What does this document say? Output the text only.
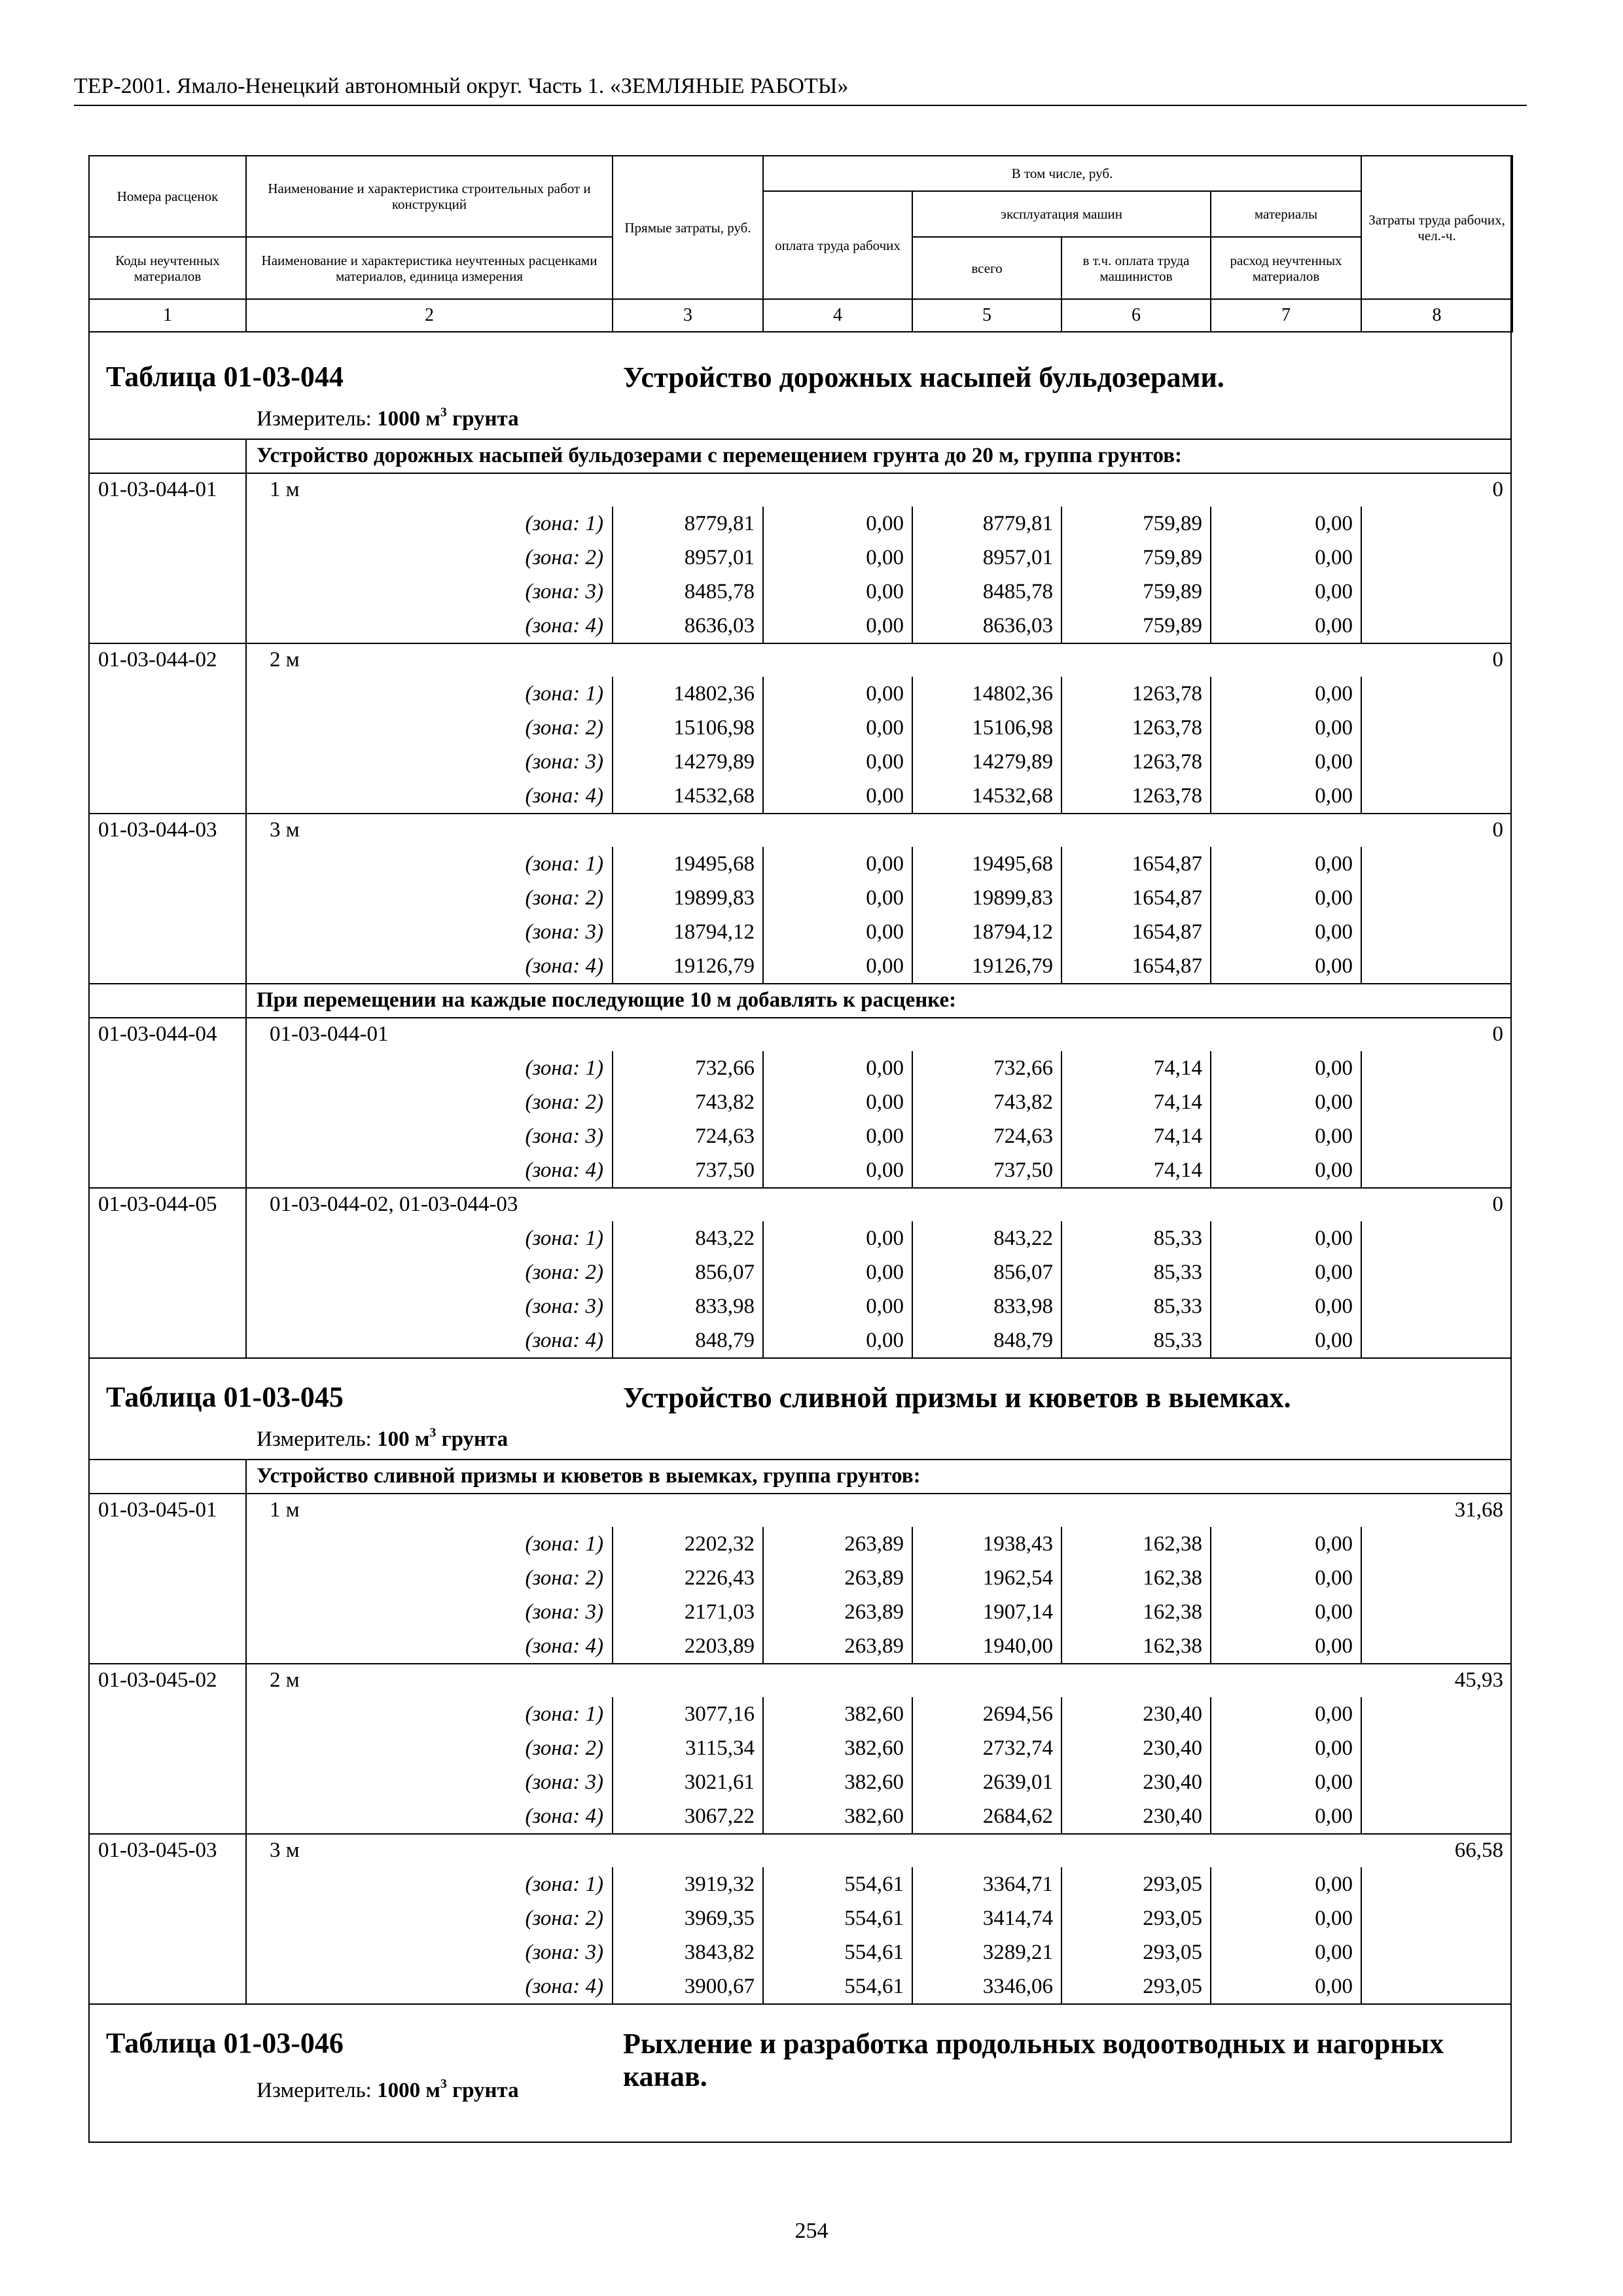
ТЕР-2001. Ямало-Ненецкий автономный округ. Часть 1. «ЗЕМЛЯНЫЕ РАБОТЫ»
Номера расценок	Наименование и характеристика строительных работ и конструкций	Прямые затраты, руб.	В том числе, руб.				Затраты труда рабочих, чел.-ч.
			оплата труда рабочих	эксплуатация машин		материалы	
Коды неучтенных материалов	Наименование и характеристика неучтенных расценками материалов, единица измерения			всего	в т.ч. оплата труда машинистов	расход неучтенных материалов	
1	2	3	4	5	6	7	8
Таблица 01-03-044	Устройство дорожных насыпей бульдозерами.
Измеритель: 1000 $м^3$ грунта
Устройство дорожных насыпей бульдозерами с перемещением грунта до 20 м, группа грунтов:
01-03-044-01	1 м	0
(зона: 1)	8779,81	0,00	8779,81	759,89	0,00
(зона: 2)	8957,01	0,00	8957,01	759,89	0,00
(зона: 3)	8485,78	0,00	8485,78	759,89	0,00
(зона: 4)	8636,03	0,00	8636,03	759,89	0,00
01-03-044-02	2 м	0
(зона: 1)	14802,36	0,00	14802,36	1263,78	0,00
(зона: 2)	15106,98	0,00	15106,98	1263,78	0,00
(зона: 3)	14279,89	0,00	14279,89	1263,78	0,00
(зона: 4)	14532,68	0,00	14532,68	1263,78	0,00
01-03-044-03	3 м	0
(зона: 1)	19495,68	0,00	19495,68	1654,87	0,00
(зона: 2)	19899,83	0,00	19899,83	1654,87	0,00
(зона: 3)	18794,12	0,00	18794,12	1654,87	0,00
(зона: 4)	19126,79	0,00	19126,79	1654,87	0,00
При перемещении на каждые последующие 10 м добавлять к расценке:
01-03-044-04	01-03-044-01	0
(зона: 1)	732,66	0,00	732,66	74,14	0,00
(зона: 2)	743,82	0,00	743,82	74,14	0,00
(зона: 3)	724,63	0,00	724,63	74,14	0,00
(зона: 4)	737,50	0,00	737,50	74,14	0,00
01-03-044-05	01-03-044-02, 01-03-044-03	0
(зона: 1)	843,22	0,00	843,22	85,33	0,00
(зона: 2)	856,07	0,00	856,07	85,33	0,00
(зона: 3)	833,98	0,00	833,98	85,33	0,00
(зона: 4)	848,79	0,00	848,79	85,33	0,00
Таблица 01-03-045	Устройство сливной призмы и кюветов в выемках.
Измеритель: 100 $м^3$ грунта
Устройство сливной призмы и кюветов в выемках, группа грунтов:
01-03-045-01	1 м	31,68
(зона: 1)	2202,32	263,89	1938,43	162,38	0,00
(зона: 2)	2226,43	263,89	1962,54	162,38	0,00
(зона: 3)	2171,03	263,89	1907,14	162,38	0,00
(зона: 4)	2203,89	263,89	1940,00	162,38	0,00
01-03-045-02	2 м	45,93
(зона: 1)	3077,16	382,60	2694,56	230,40	0,00
(зона: 2)	3115,34	382,60	2732,74	230,40	0,00
(зона: 3)	3021,61	382,60	2639,01	230,40	0,00
(зона: 4)	3067,22	382,60	2684,62	230,40	0,00
01-03-045-03	3 м	66,58
(зона: 1)	3919,32	554,61	3364,71	293,05	0,00
(зона: 2)	3969,35	554,61	3414,74	293,05	0,00
(зона: 3)	3843,82	554,61	3289,21	293,05	0,00
(зона: 4)	3900,67	554,61	3346,06	293,05	0,00
Таблица 01-03-046	Рыхление и разработка продольных водоотводных и нагорных канав.
Измеритель: 1000 $м^3$ грунта
254
